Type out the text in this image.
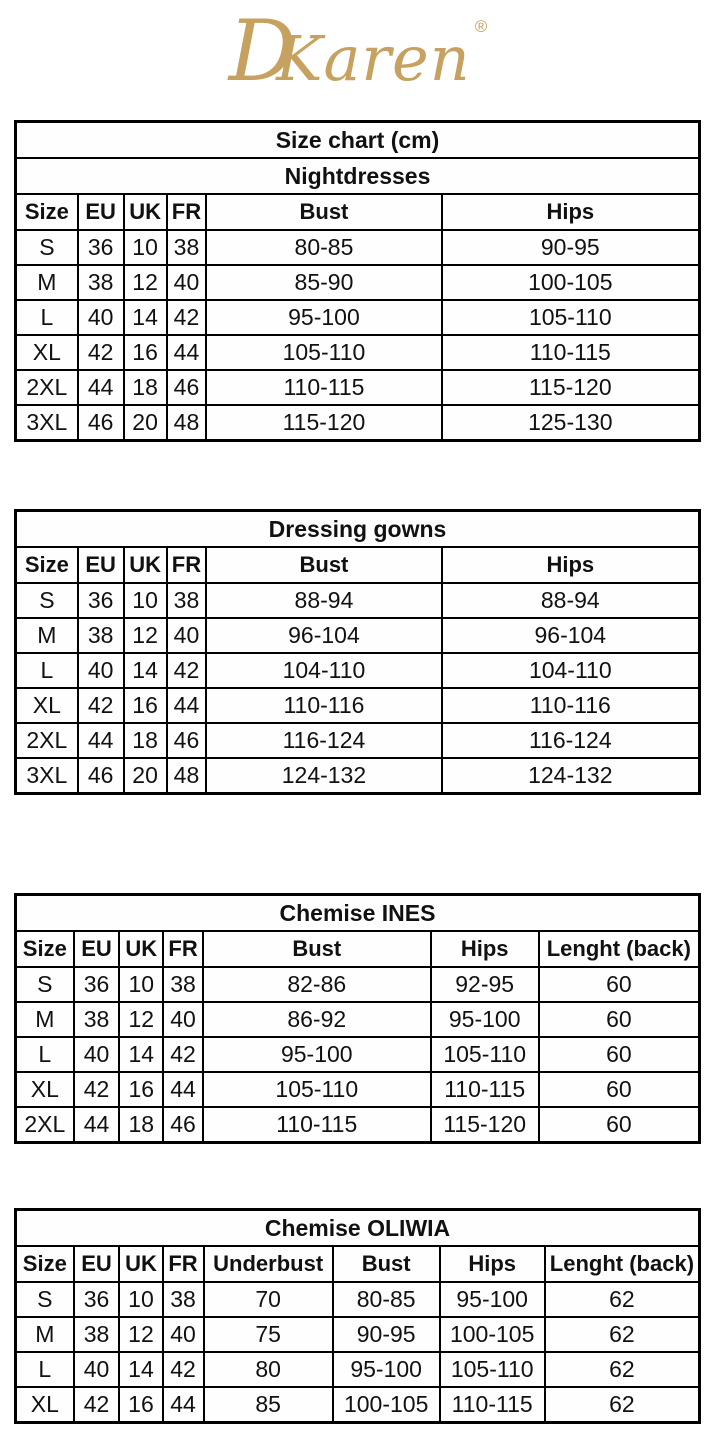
DKaren ®
Size chart (cm)					
Nightdresses					
Size	EU	UK	FR	Bust	Hips
S	36	10	38	80-85	90-95
M	38	12	40	85-90	100-105
L	40	14	42	95-100	105-110
XL	42	16	44	105-110	110-115
2XL	44	18	46	110-115	115-120
3XL	46	20	48	115-120	125-130
Dressing gowns					
Size	EU	UK	FR	Bust	Hips
S	36	10	38	88-94	88-94
M	38	12	40	96-104	96-104
L	40	14	42	104-110	104-110
XL	42	16	44	110-116	110-116
2XL	44	18	46	116-124	116-124
3XL	46	20	48	124-132	124-132
Chemise INES						
Size	EU	UK	FR	Bust	Hips	Lenght (back)
S	36	10	38	82-86	92-95	60
M	38	12	40	86-92	95-100	60
L	40	14	42	95-100	105-110	60
XL	42	16	44	105-110	110-115	60
2XL	44	18	46	110-115	115-120	60
Chemise OLIWIA							
Size	EU	UK	FR	Underbust	Bust	Hips	Lenght (back)
S	36	10	38	70	80-85	95-100	62
M	38	12	40	75	90-95	100-105	62
L	40	14	42	80	95-100	105-110	62
XL	42	16	44	85	100-105	110-115	62
